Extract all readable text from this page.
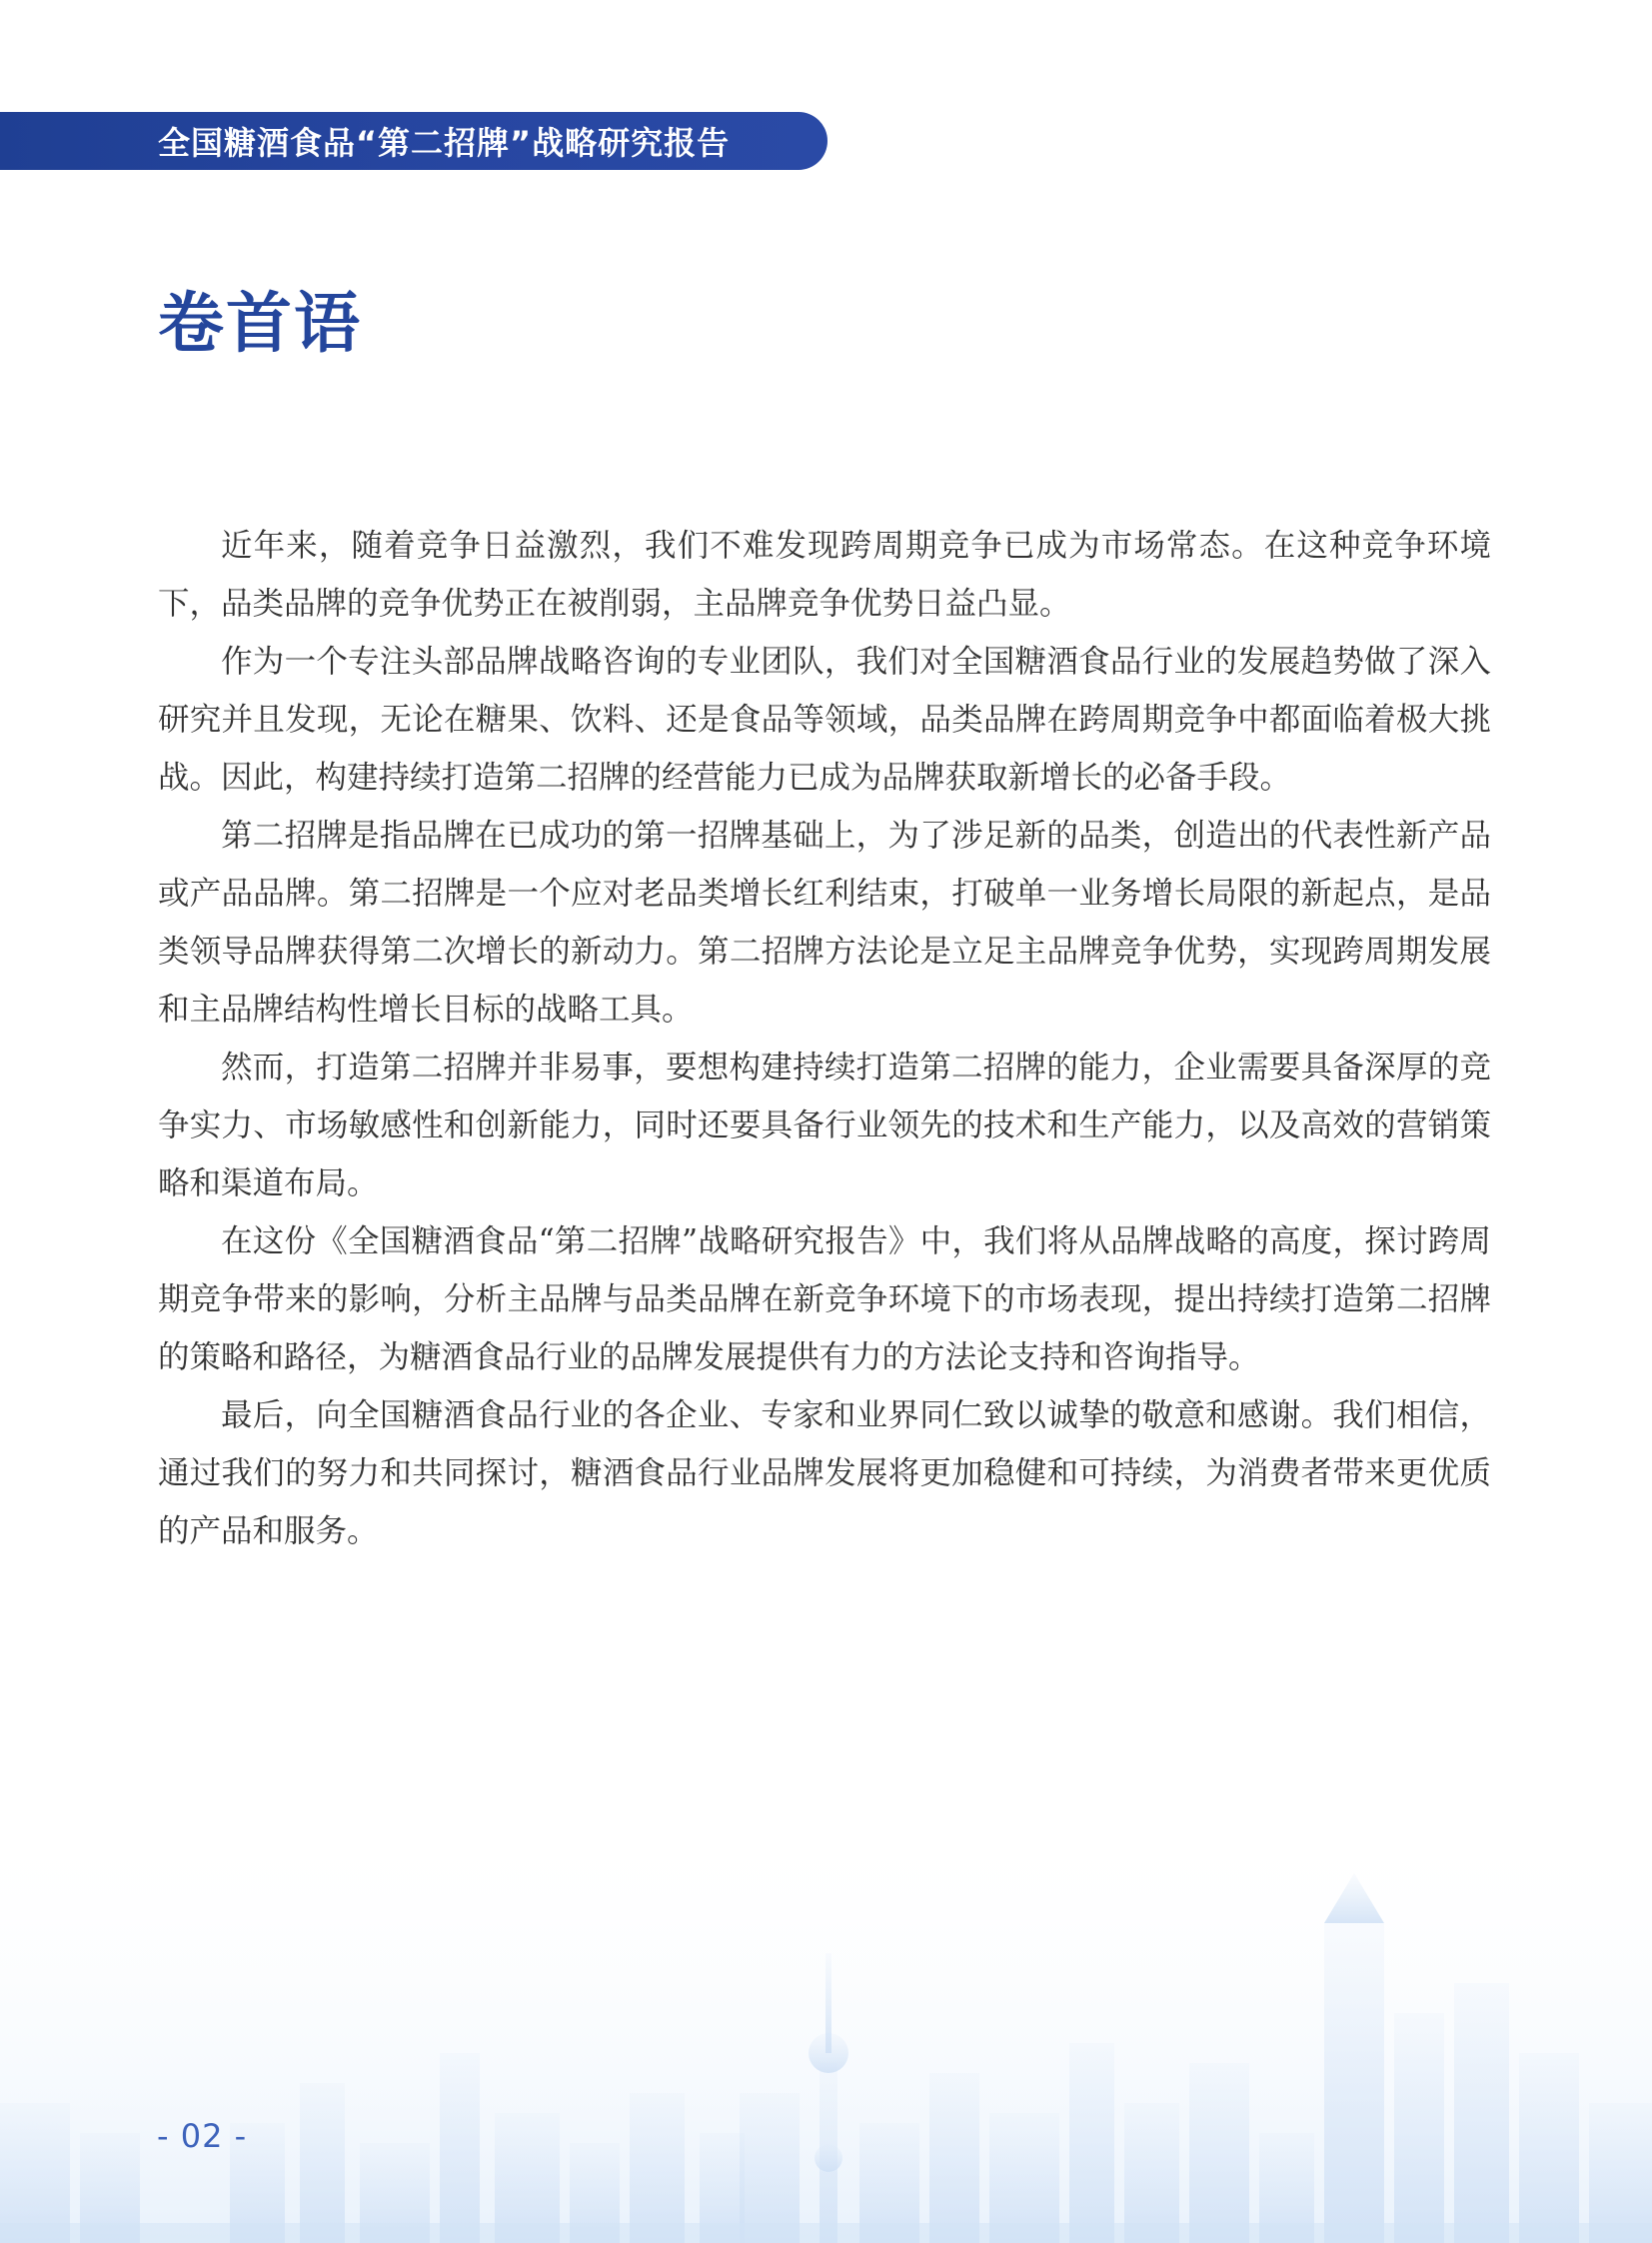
全国糖酒食品“第二招牌”战略研究报告
卷首语

近年来，随着竞争日益激烈，我们不难发现跨周期竞争已成为市场常态。在这种竞争环境下，品类品牌的竞争优势正在被削弱，主品牌竞争优势日益凸显。

作为一个专注头部品牌战略咨询的专业团队，我们对全国糖酒食品行业的发展趋势做了深入研究并且发现，无论在糖果、饮料、还是食品等领域，品类品牌在跨周期竞争中都面临着极大挑战。因此，构建持续打造第二招牌的经营能力已成为品牌获取新增长的必备手段。

第二招牌是指品牌在已成功的第一招牌基础上，为了涉足新的品类，创造出的代表性新产品或产品品牌。第二招牌是一个应对老品类增长红利结束，打破单一业务增长局限的新起点，是品类领导品牌获得第二次增长的新动力。第二招牌方法论是立足主品牌竞争优势，实现跨周期发展和主品牌结构性增长目标的战略工具。

然而，打造第二招牌并非易事，要想构建持续打造第二招牌的能力，企业需要具备深厚的竞争实力、市场敏感性和创新能力，同时还要具备行业领先的技术和生产能力，以及高效的营销策略和渠道布局。

在这份《全国糖酒食品“第二招牌”战略研究报告》中，我们将从品牌战略的高度，探讨跨周期竞争带来的影响，分析主品牌与品类品牌在新竞争环境下的市场表现，提出持续打造第二招牌的策略和路径，为糖酒食品行业的品牌发展提供有力的方法论支持和咨询指导。

最后，向全国糖酒食品行业的各企业、专家和业界同仁致以诚挚的敬意和感谢。我们相信，通过我们的努力和共同探讨，糖酒食品行业品牌发展将更加稳健和可持续，为消费者带来更优质的产品和服务。

- 02 -
